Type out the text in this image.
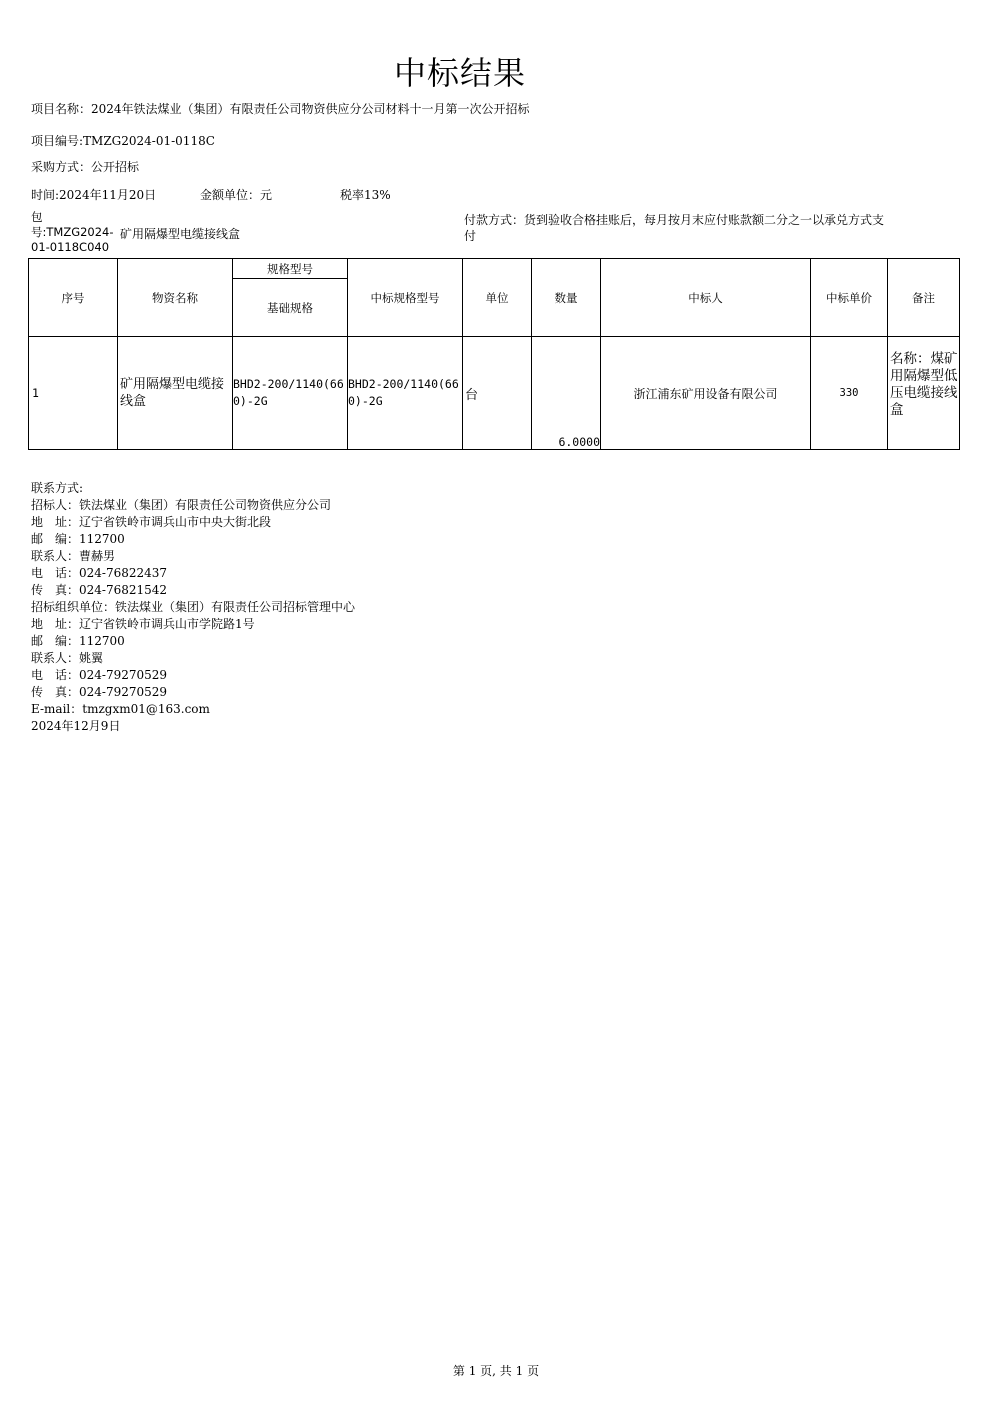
中标结果
项目名称：2024年铁法煤业（集团）有限责任公司物资供应分公司材料十一月第一次公开招标
项目编号:TMZG2024-01-0118C
采购方式：公开招标
时间:2024年11月20日	金额单位：元	税率13%
包号:TMZG2024-01-0118C040
矿用隔爆型电缆接线盒
付款方式：货到验收合格挂账后，每月按月末应付账款额二分之一以承兑方式支付
序号	物资名称	规格型号	中标规格型号	单位	数量	中标人	中标单价	备注
		基础规格						
1	矿用隔爆型电缆接线盒	BHD2-200/1140(660)-2G	BHD2-200/1140(660)-2G	台	6.0000	浙江浦东矿用设备有限公司	330	名称：煤矿用隔爆型低压电缆接线盒
联系方式:
招标人：铁法煤业（集团）有限责任公司物资供应分公司
地　址：辽宁省铁岭市调兵山市中央大街北段
邮　编：112700
联系人：曹赫男
电　话：024-76822437
传　真：024-76821542
招标组织单位：铁法煤业（集团）有限责任公司招标管理中心
地　址：辽宁省铁岭市调兵山市学院路1号
邮　编：112700
联系人：姚翼
电　话：024-79270529
传　真：024-79270529
E-mail：tmzgxm01@163.com
2024年12月9日
第 1 页, 共 1 页
